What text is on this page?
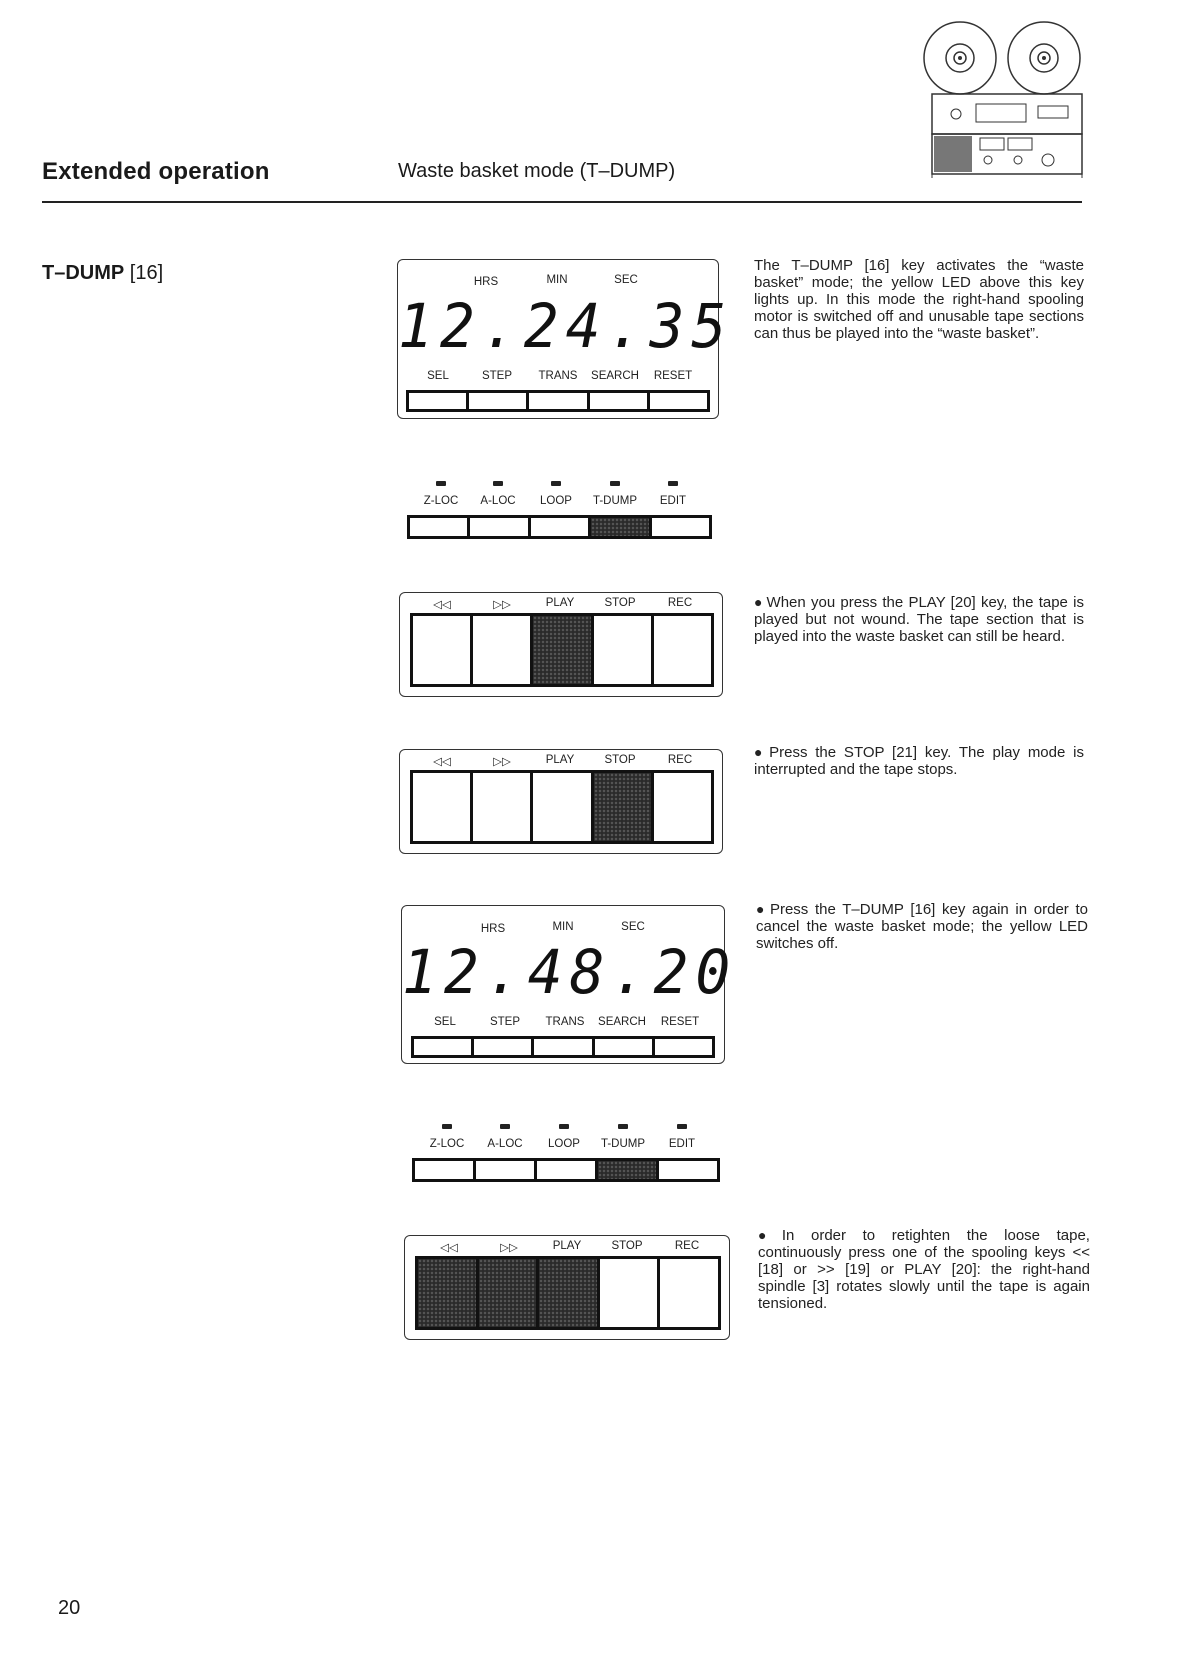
Extended operation	Waste basket mode (T–DUMP)
T–DUMP [16]	HRS	MIN	SEC
12.24.35
SEL	STEP	TRANS	SEARCH	RESET
Z-LOC	A-LOC	LOOP	T-DUMP	EDIT
◁◁	▷▷	PLAY	STOP	REC
◁◁	▷▷	PLAY	STOP	REC
HRS	MIN	SEC
12.48.20
SEL	STEP	TRANS	SEARCH	RESET
Z-LOC	A-LOC	LOOP	T-DUMP	EDIT
◁◁	▷▷	PLAY	STOP	REC
The T–DUMP [16] key activates the “waste basket” mode; the yellow LED above this key lights up. In this mode the right-hand spooling motor is switched off and unusable tape sections can thus be played into the “waste basket”.
● When you press the PLAY [20] key, the tape is played but not wound. The tape section that is played into the waste basket can still be heard.
● Press the STOP [21] key. The play mode is interrupted and the tape stops.
● Press the T–DUMP [16] key again in order to cancel the waste basket mode; the yellow LED switches off.
● In order to retighten the loose tape, continuously press one of the spooling keys << [18] or >> [19] or PLAY [20]: the right-hand spindle [3] rotates slowly until the tape is again tensioned.
20
